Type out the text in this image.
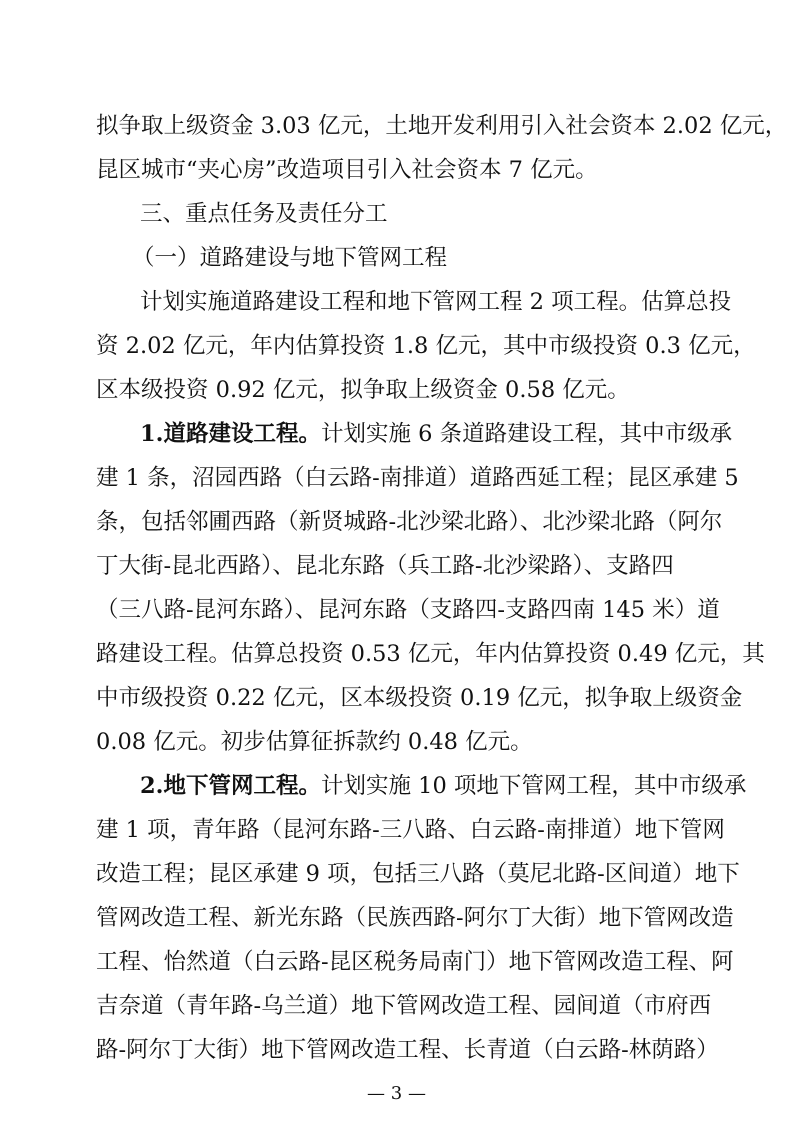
拟争取上级资金 3.03 亿元，土地开发利用引入社会资本 2.02 亿元，
昆区城市“夹心房”改造项目引入社会资本 7 亿元。
三、重点任务及责任分工
（一）道路建设与地下管网工程
计划实施道路建设工程和地下管网工程 2 项工程。估算总投
资 2.02 亿元，年内估算投资 1.8 亿元，其中市级投资 0.3 亿元，
区本级投资 0.92 亿元，拟争取上级资金 0.58 亿元。
1.道路建设工程。计划实施 6 条道路建设工程，其中市级承
建 1 条，沼园西路（白云路-南排道）道路西延工程；昆区承建 5
条，包括邻圃西路（新贤城路-北沙梁北路）、北沙梁北路（阿尔
丁大街-昆北西路）、昆北东路（兵工路-北沙梁路）、支路四
（三八路-昆河东路）、昆河东路（支路四-支路四南 145 米）道
路建设工程。估算总投资 0.53 亿元，年内估算投资 0.49 亿元，其
中市级投资 0.22 亿元，区本级投资 0.19 亿元，拟争取上级资金
0.08 亿元。初步估算征拆款约 0.48 亿元。
2.地下管网工程。计划实施 10 项地下管网工程，其中市级承
建 1 项，青年路（昆河东路-三八路、白云路-南排道）地下管网
改造工程；昆区承建 9 项，包括三八路（莫尼北路-区间道）地下
管网改造工程、新光东路（民族西路-阿尔丁大街）地下管网改造
工程、怡然道（白云路-昆区税务局南门）地下管网改造工程、阿
吉奈道（青年路-乌兰道）地下管网改造工程、园间道（市府西
路-阿尔丁大街）地下管网改造工程、长青道（白云路-林荫路）
— 3 —
